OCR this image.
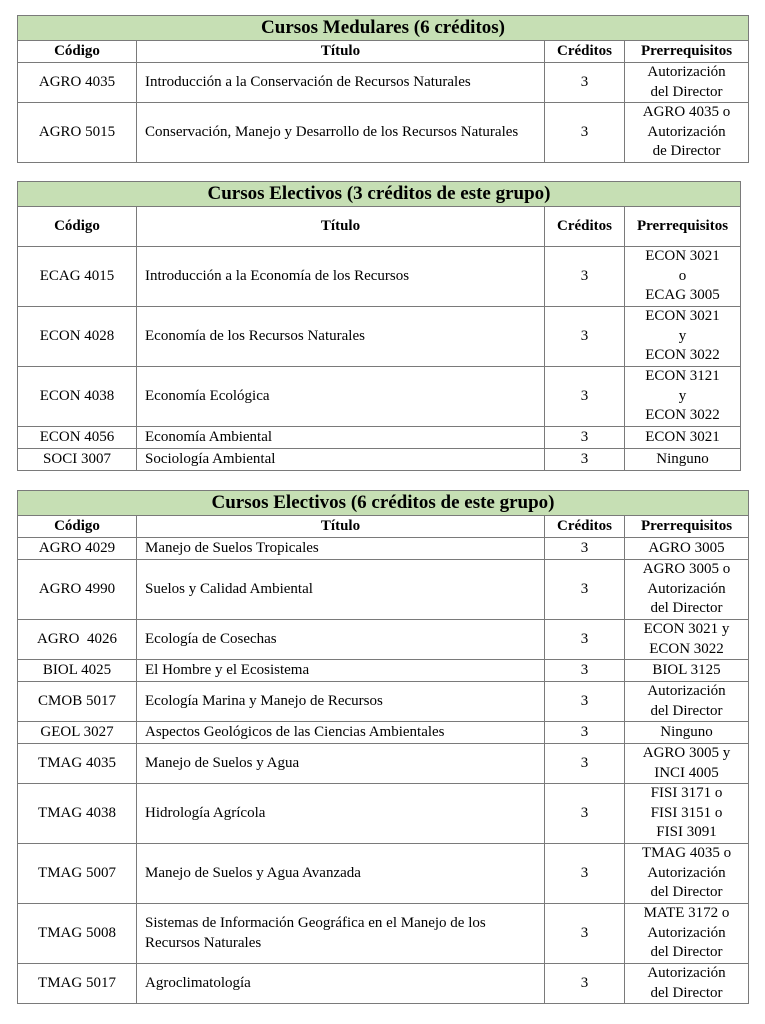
Cursos Medulares (6 créditos)			
Código	Título	Créditos	Prerrequisitos
AGRO 4035	Introducción a la Conservación de Recursos Naturales	3	Autorización
del Director

AGRO 5015	Conservación, Manejo y Desarrollo de los Recursos Naturales	3	AGRO 4035 o
Autorización
de Director
Cursos Electivos (3 créditos de este grupo)			
Código	Título	Créditos	Prerrequisitos
ECAG 4015	Introducción a la Economía de los Recursos	3	ECON 3021
o
ECAG 3005

ECON 4028	Economía de los Recursos Naturales	3	ECON 3021
y
ECON 3022

ECON 4038	Economía Ecológica	3	ECON 3121
y
ECON 3022

ECON 4056	Economía Ambiental	3	ECON 3021

SOCI 3007	Sociología Ambiental	3	Ninguno
Cursos Electivos (6 créditos de este grupo)			
Código	Título	Créditos	Prerrequisitos
AGRO 4029	Manejo de Suelos Tropicales	3	AGRO 3005

AGRO 4990	Suelos y Calidad Ambiental	3	AGRO 3005 o
Autorización
del Director

AGRO  4026	Ecología de Cosechas	3	ECON 3021 y
ECON 3022

BIOL 4025	El Hombre y el Ecosistema	3	BIOL 3125

CMOB 5017	Ecología Marina y Manejo de Recursos	3	Autorización
del Director

GEOL 3027	Aspectos Geológicos de las Ciencias Ambientales	3	Ninguno

TMAG 4035	Manejo de Suelos y Agua	3	AGRO 3005 y
INCI 4005

TMAG 4038	Hidrología Agrícola	3	FISI 3171 o
FISI 3151 o
FISI 3091

TMAG 5007	Manejo de Suelos y Agua Avanzada	3	TMAG 4035 o
Autorización
del Director

TMAG 5008	Sistemas de Información Geográfica en el Manejo de los Recursos Naturales	3	MATE 3172 o
Autorización
del Director

TMAG 5017	Agroclimatología	3	Autorización
del Director
